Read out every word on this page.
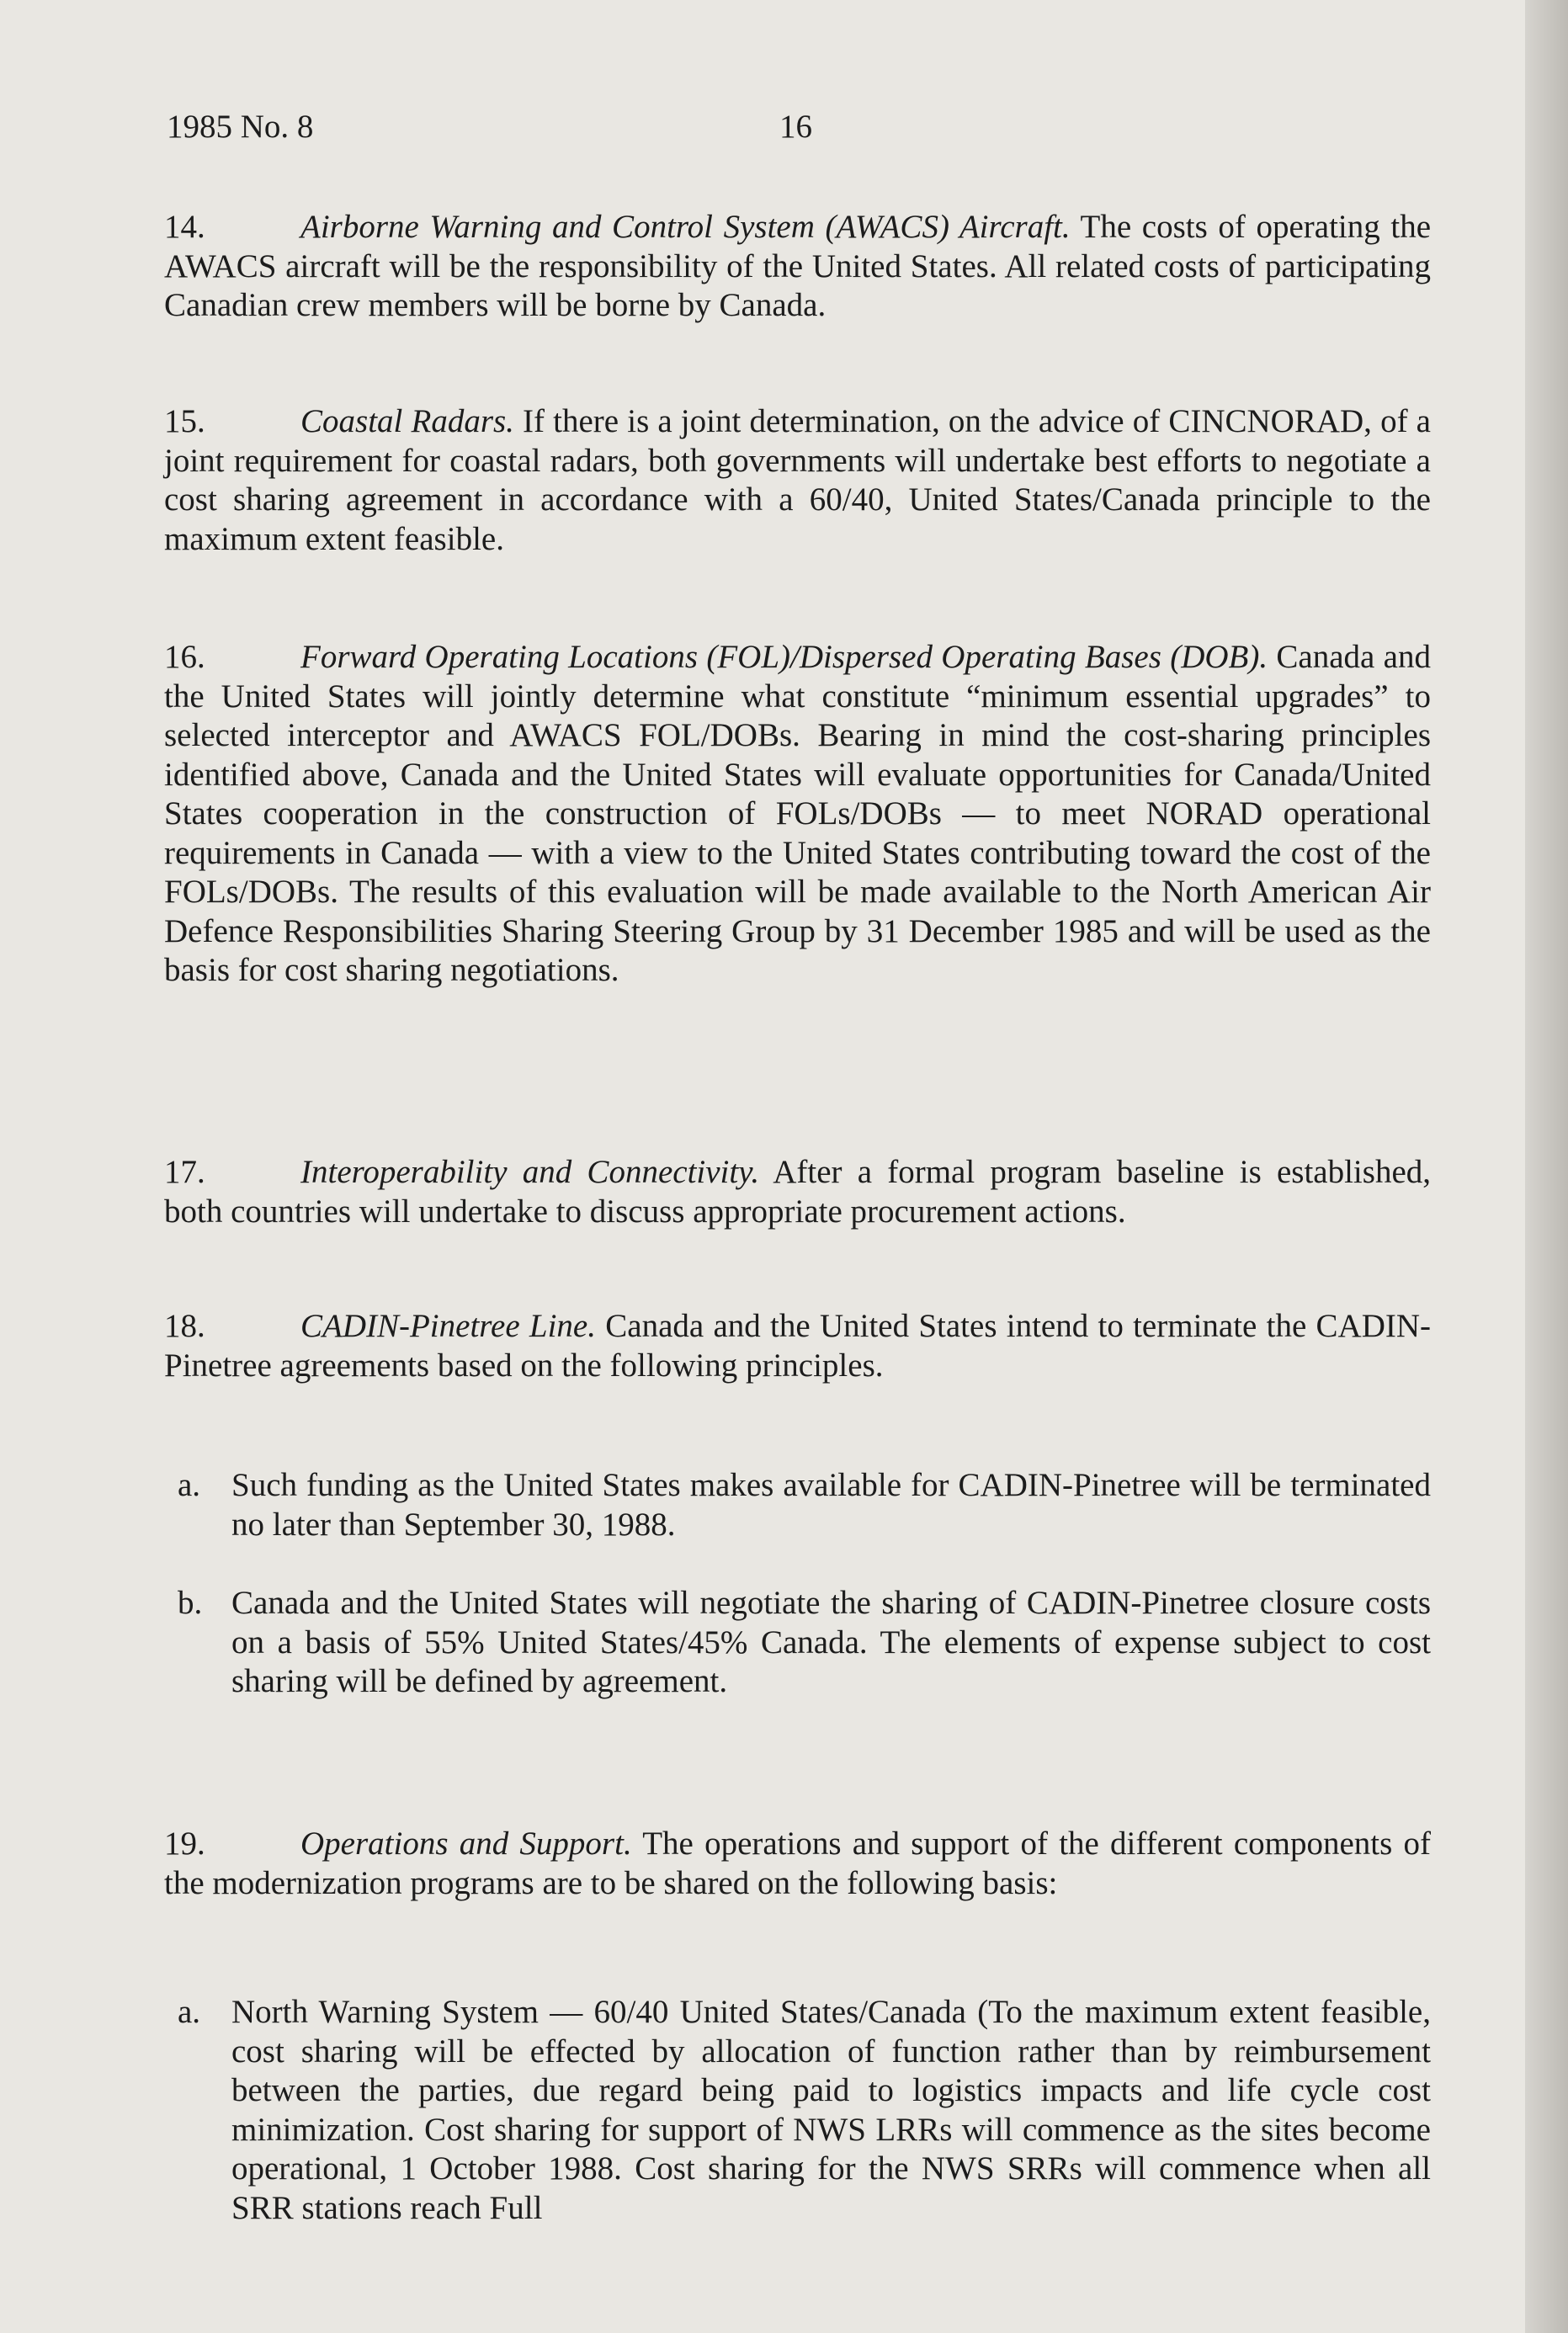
1985 No. 8	16

14.	Airborne Warning and Control System (AWACS) Aircraft. The costs of operating the AWACS aircraft will be the responsibility of the United States. All related costs of participating Canadian crew members will be borne by Canada.

15.	Coastal Radars. If there is a joint determination, on the advice of CINCNORAD, of a joint requirement for coastal radars, both governments will undertake best efforts to negotiate a cost sharing agreement in accordance with a 60/40, United States/Canada principle to the maximum extent feasible.

16.	Forward Operating Locations (FOL)/Dispersed Operating Bases (DOB). Canada and the United States will jointly determine what constitute “minimum essential upgrades” to selected interceptor and AWACS FOL/DOBs. Bearing in mind the cost-sharing principles identified above, Canada and the United States will evaluate opportunities for Canada/United States cooperation in the construction of FOLs/DOBs — to meet NORAD operational requirements in Canada — with a view to the United States contributing toward the cost of the FOLs/DOBs. The results of this evaluation will be made available to the North American Air Defence Responsibilities Sharing Steering Group by 31 December 1985 and will be used as the basis for cost sharing negotiations.

17.	Interoperability and Connectivity. After a formal program baseline is established, both countries will undertake to discuss appropriate procurement actions.

18.	CADIN-Pinetree Line. Canada and the United States intend to terminate the CADIN-Pinetree agreements based on the following principles.

a. Such funding as the United States makes available for CADIN-Pinetree will be terminated no later than September 30, 1988.
b. Canada and the United States will negotiate the sharing of CADIN-Pinetree closure costs on a basis of 55% United States/45% Canada. The elements of expense subject to cost sharing will be defined by agreement.

19.	Operations and Support. The operations and support of the different components of the modernization programs are to be shared on the following basis:

a. North Warning System — 60/40 United States/Canada (To the maximum extent feasible, cost sharing will be effected by allocation of function rather than by reimbursement between the parties, due regard being paid to logistics impacts and life cycle cost minimization. Cost sharing for support of NWS LRRs will commence as the sites become operational, 1 October 1988. Cost sharing for the NWS SRRs will commence when all SRR stations reach Full
